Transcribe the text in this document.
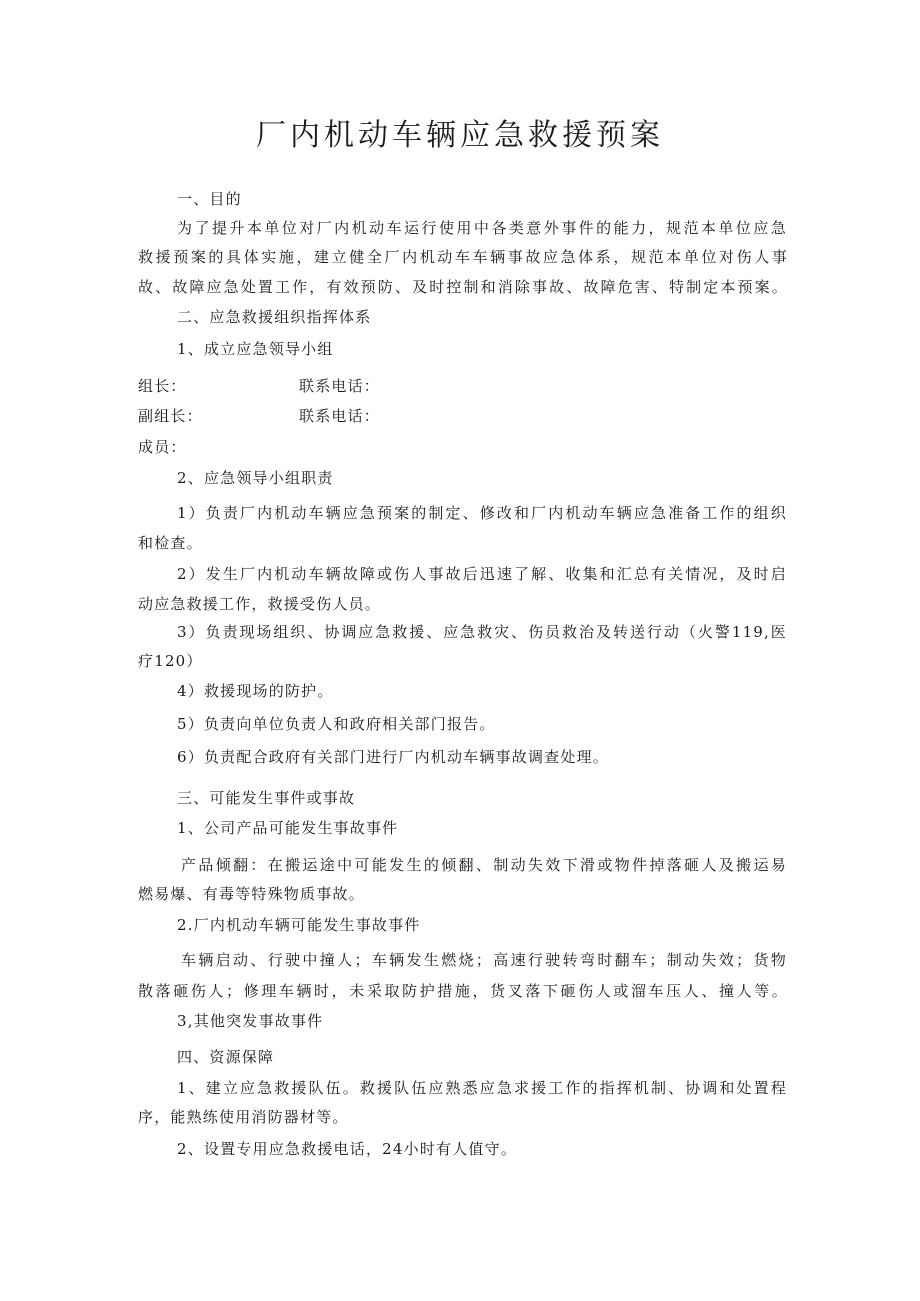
厂内机动车辆应急救援预案

一、目的

为了提升本单位对厂内机动车运行使用中各类意外事件的能力，规范本单位应急

救援预案的具体实施，建立健全厂内机动车车辆事故应急体系，规范本单位对伤人事

故、故障应急处置工作，有效预防、及时控制和消除事故、故障危害、特制定本预案。

二、应急救援组织指挥体系

1、成立应急领导小组

组长：	联系电话：
副组长：	联系电话：
成员：

2、应急领导小组职责

1）负责厂内机动车辆应急预案的制定、修改和厂内机动车辆应急准备工作的组织

和检查。

2）发生厂内机动车辆故障或伤人事故后迅速了解、收集和汇总有关情况，及时启

动应急救援工作，救援受伤人员。

3）负责现场组织、协调应急救援、应急救灾、伤员救治及转送行动（火警119,医

疗120）

4）救援现场的防护。

5）负责向单位负责人和政府相关部门报告。

6）负责配合政府有关部门进行厂内机动车辆事故调查处理。

三、可能发生事件或事故

1、公司产品可能发生事故事件

产品倾翻：在搬运途中可能发生的倾翻、制动失效下滑或物件掉落砸人及搬运易

燃易爆、有毒等特殊物质事故。

2.厂内机动车辆可能发生事故事件

车辆启动、行驶中撞人；车辆发生燃烧；高速行驶转弯时翻车；制动失效；货物

散落砸伤人；修理车辆时，未采取防护措施，货叉落下砸伤人或溜车压人、撞人等。

3,其他突发事故事件

四、资源保障

1、建立应急救援队伍。救援队伍应熟悉应急求援工作的指挥机制、协调和处置程

序，能熟练使用消防器材等。

2、设置专用应急救援电话，24小时有人值守。
